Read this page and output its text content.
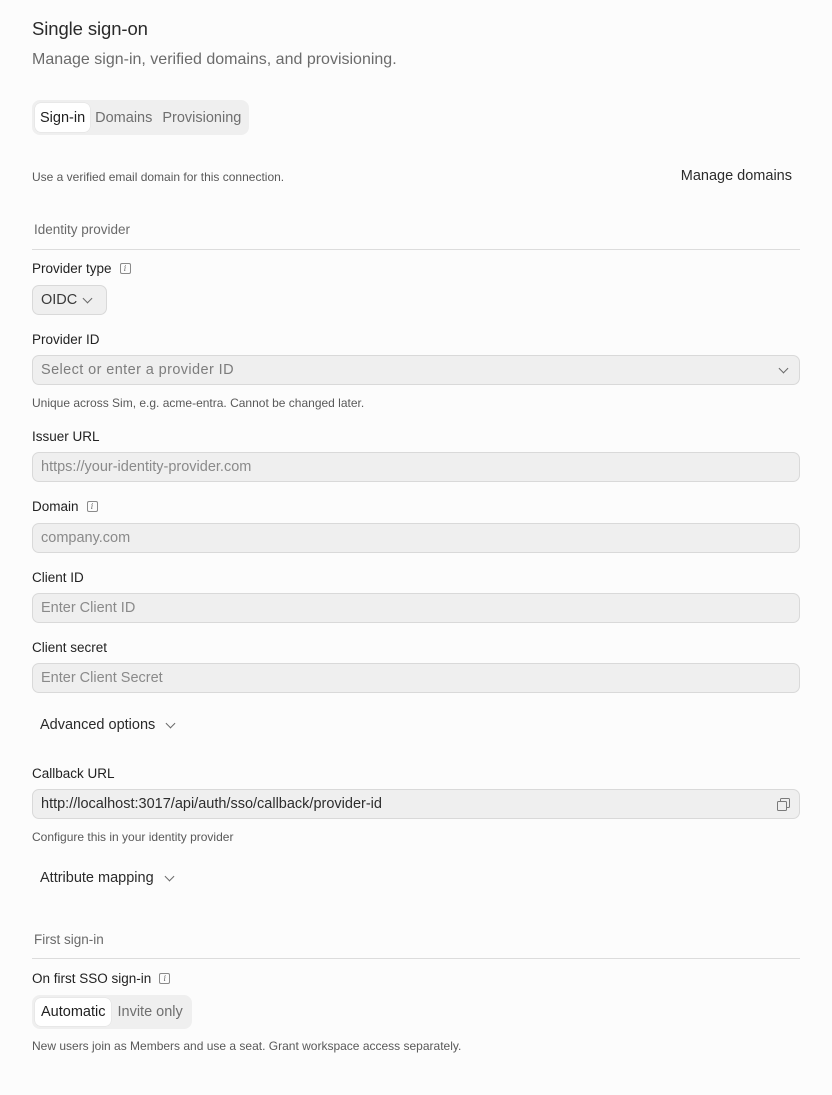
Single sign-on
Manage sign-in, verified domains, and provisioning.
Sign-in Domains Provisioning
Use a verified email domain for this connection.	Manage domains
Identity provider
Provider type	i
OIDC
Provider ID
Select or enter a provider ID
Unique across Sim, e.g. acme-entra. Cannot be changed later.
Issuer URL
https://your-identity-provider.com
Domain	i
company.com
Client ID
Enter Client ID
Client secret
Enter Client Secret
Advanced options
Callback URL
http://localhost:3017/api/auth/sso/callback/provider-id
Configure this in your identity provider
Attribute mapping
First sign-in
On first SSO sign-in	i
Automatic Invite only
New users join as Members and use a seat. Grant workspace access separately.
